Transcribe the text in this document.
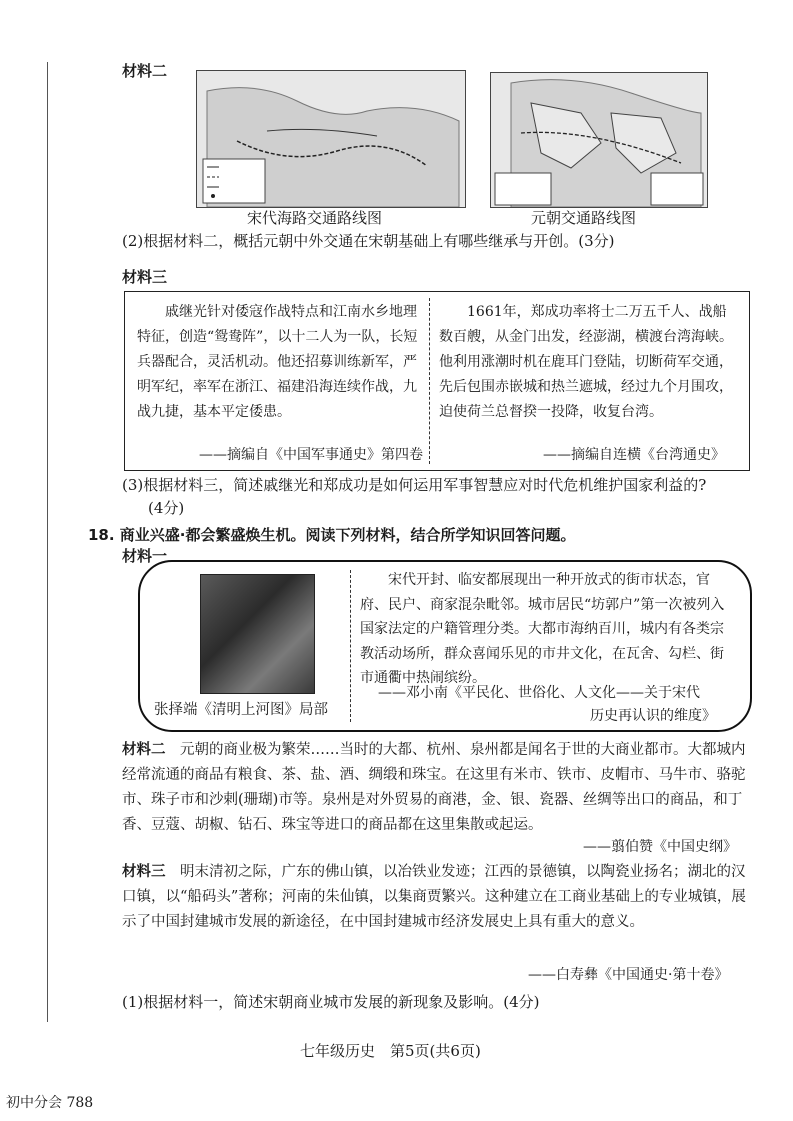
材料二
宋代海路交通路线图	元朝交通路线图
(2)根据材料二，概括元朝中外交通在宋朝基础上有哪些继承与开创。(3分)
材料三

戚继光针对倭寇作战特点和江南水乡地理特征，创造“鸳鸯阵”，以十二人为一队，长短兵器配合，灵活机动。他还招募训练新军，严明军纪，率军在浙江、福建沿海连续作战，九战九捷，基本平定倭患。

——摘编自《中国军事通史》第四卷

1661年，郑成功率将士二万五千人、战船数百艘，从金门出发，经澎湖，横渡台湾海峡。他利用涨潮时机在鹿耳门登陆，切断荷军交通，先后包围赤嵌城和热兰遮城，经过九个月围攻，迫使荷兰总督揆一投降，收复台湾。

——摘编自连横《台湾通史》
(3)根据材料三，简述戚继光和郑成功是如何运用军事智慧应对时代危机维护国家利益的?
(4分)
18. 商业兴盛·都会繁盛焕生机。阅读下列材料，结合所学知识回答问题。
材料一
张择端《清明上河图》局部

宋代开封、临安都展现出一种开放式的街市状态，官府、民户、商家混杂毗邻。城市居民“坊郭户”第一次被列入国家法定的户籍管理分类。大都市海纳百川，城内有各类宗教活动场所，群众喜闻乐见的市井文化，在瓦舍、勾栏、街市通衢中热闹缤纷。

——邓小南《平民化、世俗化、人文化——关于宋代
历史再认识的维度》

材料二　 元朝的商业极为繁荣……当时的大都、杭州、泉州都是闻名于世的大商业都市。大都城内经常流通的商品有粮食、茶、盐、酒、绸缎和珠宝。在这里有米市、铁市、皮帽市、马牛市、骆驼市、珠子市和沙剌(珊瑚)市等。泉州是对外贸易的商港，金、银、瓷器、丝绸等出口的商品，和丁香、豆蔻、胡椒、钻石、珠宝等进口的商品都在这里集散或起运。

——翦伯赞《中国史纲》

材料三　 明末清初之际，广东的佛山镇，以冶铁业发迹；江西的景德镇，以陶瓷业扬名；湖北的汉口镇，以“船码头”著称；河南的朱仙镇，以集商贾繁兴。这种建立在工商业基础上的专业城镇，展示了中国封建城市发展的新途径，在中国封建城市经济发展史上具有重大的意义。

——白寿彝《中国通史·第十卷》
(1)根据材料一，简述宋朝商业城市发展的新现象及影响。(4分)
七年级历史　第5页(共6页)
初中分会 788
